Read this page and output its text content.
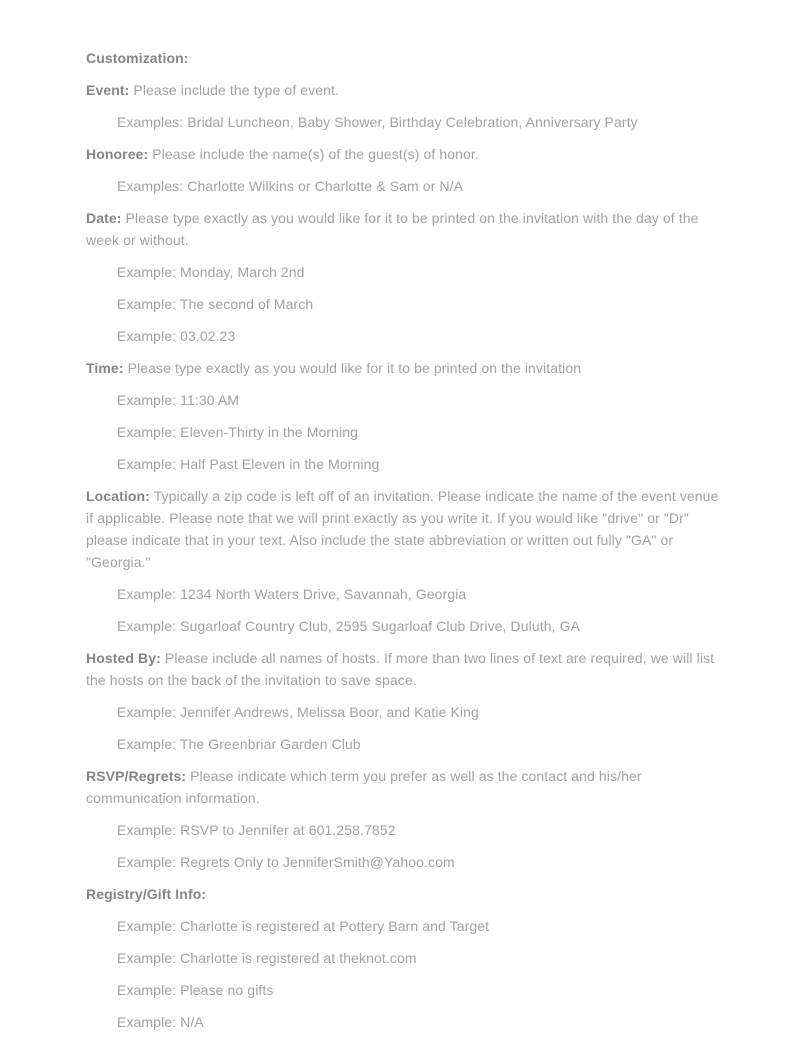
Customization:

Event: Please include the type of event.

Examples: Bridal Luncheon, Baby Shower, Birthday Celebration, Anniversary Party

Honoree: Please include the name(s) of the guest(s) of honor.

Examples: Charlotte Wilkins or Charlotte & Sam or N/A

Date: Please type exactly as you would like for it to be printed on the invitation with the day of the week or without.

Example: Monday, March 2nd

Example: The second of March

Example: 03.02.23

Time: Please type exactly as you would like for it to be printed on the invitation

Example: 11:30 AM

Example: Eleven-Thirty in the Morning

Example: Half Past Eleven in the Morning

Location: Typically a zip code is left off of an invitation. Please indicate the name of the event venue if applicable. Please note that we will print exactly as you write it. If you would like "drive" or "Dr" please indicate that in your text. Also include the state abbreviation or written out fully "GA" or "Georgia."

Example: 1234 North Waters Drive, Savannah, Georgia

Example: Sugarloaf Country Club, 2595 Sugarloaf Club Drive, Duluth, GA

Hosted By: Please include all names of hosts. If more than two lines of text are required, we will list the hosts on the back of the invitation to save space.

Example: Jennifer Andrews, Melissa Boor, and Katie King

Example: The Greenbriar Garden Club

RSVP/Regrets: Please indicate which term you prefer as well as the contact and his/her communication information.

Example: RSVP to Jennifer at 601.258.7852

Example: Regrets Only to JenniferSmith@Yahoo.com

Registry/Gift Info:

Example: Charlotte is registered at Pottery Barn and Target

Example: Charlotte is registered at theknot.com

Example: Please no gifts

Example: N/A
